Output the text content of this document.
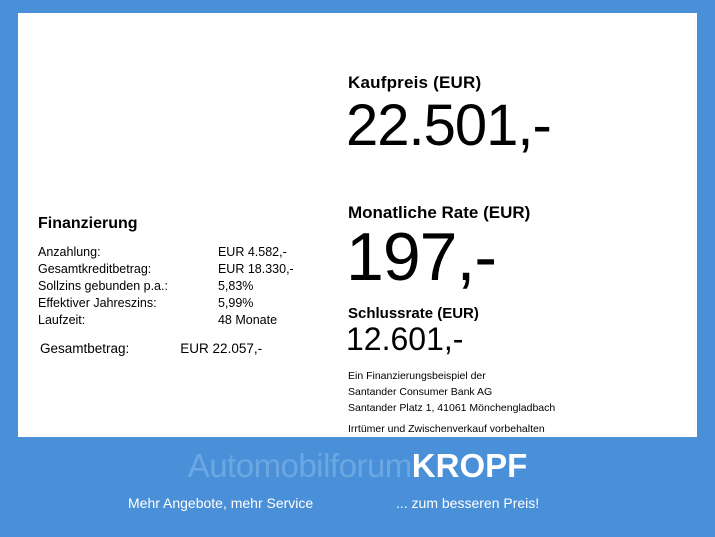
Kaufpreis (EUR)
22.501,-
Monatliche Rate (EUR)
197,-
Schlussrate (EUR)
12.601,-
Ein Finanzierungsbeispiel der
Santander Consumer Bank AG
Santander Platz 1, 41061 Mönchengladbach
Irrtümer und Zwischenverkauf vorbehalten
Finanzierung
Anzahlung:	EUR 4.582,-
Gesamtkreditbetrag:	EUR 18.330,-
Sollzins gebunden p.a.:	5,83%
Effektiver Jahreszins:	5,99%
Laufzeit:	48 Monate
Gesamtbetrag:	EUR 22.057,-
AutomobilforumKROPF
Mehr Angebote, mehr Service	... zum besseren Preis!
